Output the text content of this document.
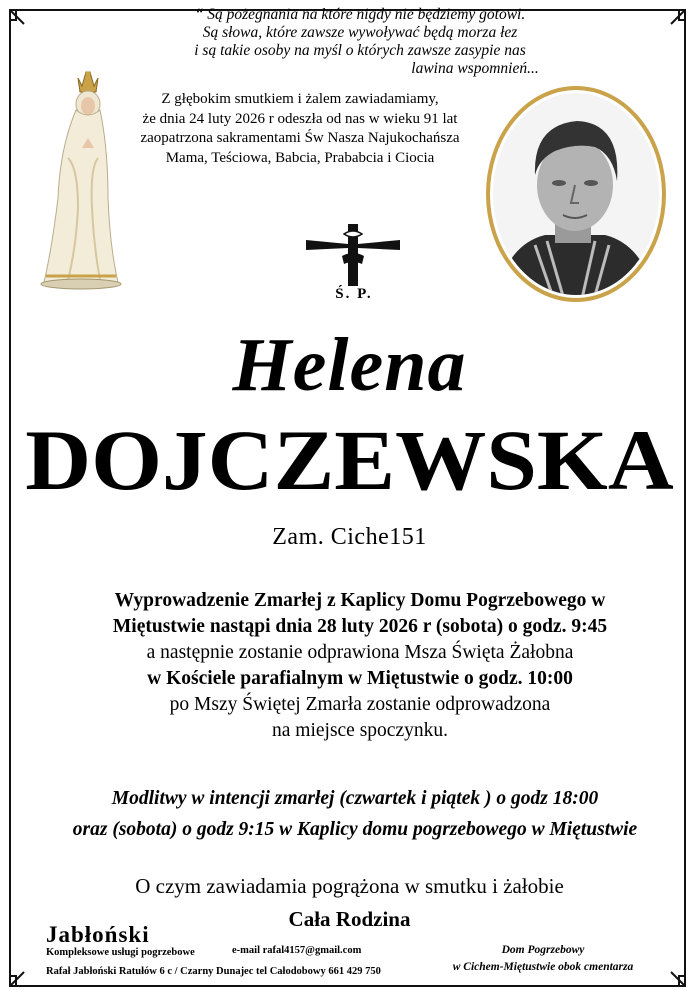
“ Są pożegnania na które nigdy nie będziemy gotowi.
Są słowa, które zawsze wywoływać będą morza łez
i są takie osoby na myśl o których zawsze zasypie nas
lawina wspomnień...
Z głębokim smutkiem i żalem zawiadamiamy,
że dnia 24 luty 2026 r odeszła od nas w wieku 91 lat
zaopatrzona sakramentami Św Nasza Najukochańsza
Mama, Teściowa, Babcia, Prababcia i Ciocia
Ś. P.
Helena
DOJCZEWSKA
Zam. Ciche151
Wyprowadzenie Zmarłej z Kaplicy Domu Pogrzebowego w
Miętustwie nastąpi dnia 28 luty 2026 r (sobota) o godz. 9:45
a następnie zostanie odprawiona Msza Święta Żałobna
w Kościele parafialnym w Miętustwie o godz. 10:00
po Mszy Świętej Zmarła zostanie odprowadzona
na miejsce spoczynku.
Modlitwy w intencji zmarłej (czwartek i piątek ) o godz 18:00
oraz (sobota) o godz 9:15 w Kaplicy domu pogrzebowego w Miętustwie
O czym zawiadamia pogrążona w smutku i żałobie
Cała Rodzina
Jabłoński
Kompleksowe usługi pogrzebowe
Rafał Jabłoński Ratułów 6 c / Czarny Dunajec tel Całodobowy 661 429 750
e-mail rafal4157@gmail.com	Dom Pogrzebowy
w Cichem-Miętustwie obok cmentarza
